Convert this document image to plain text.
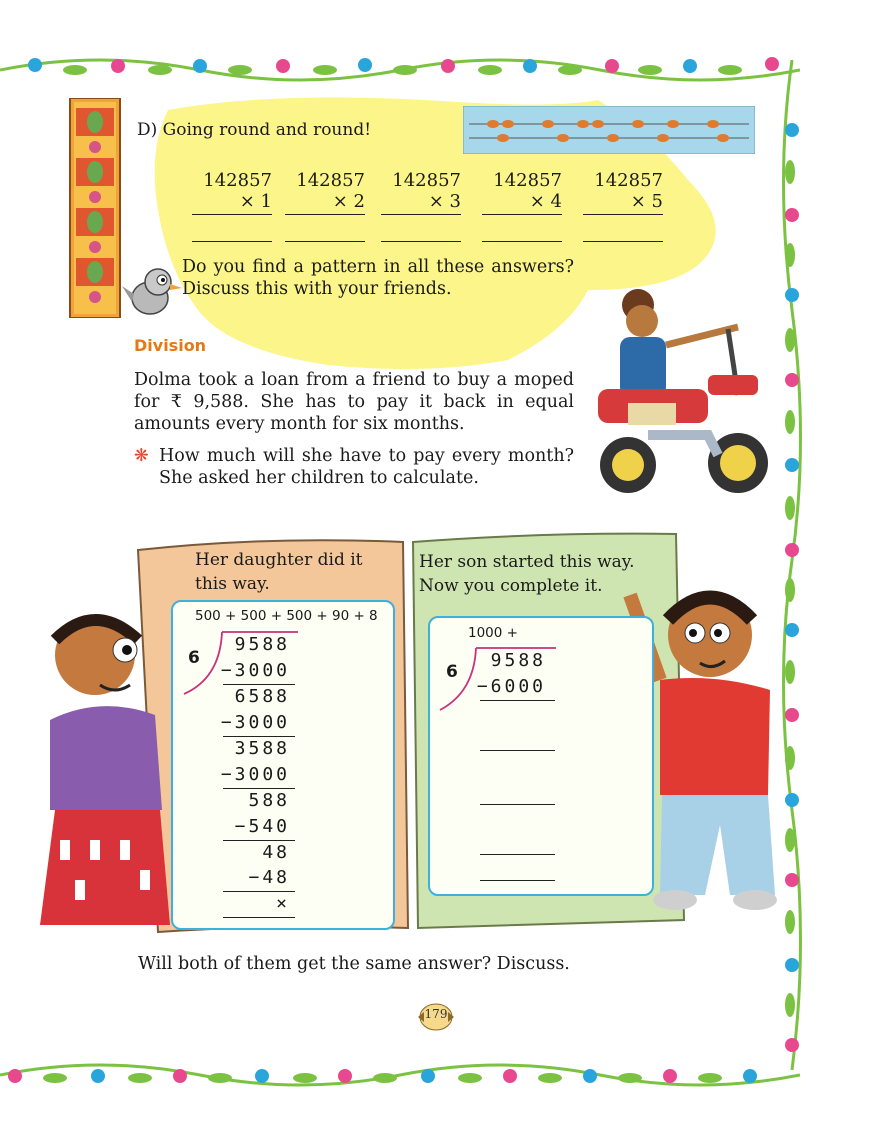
D) Going round and round!
142857
× 1
142857
× 2
142857
× 3
142857
× 4
142857
× 5
Do you find a pattern in all these answers? Discuss this with your friends.
Division
Dolma took a loan from a friend to buy a moped for ₹ 9,588. She has to pay it back in equal amounts every month for six months.
❋ How much will she have to pay every month? She asked her children to calculate.
Her daughter did it this way.
Her son started this way. Now you complete it.
500 + 500 + 500 + 90 + 8
6
9588
−3000
6588
−3000
3588
−3000
588
−540
48
−48
×
1000 +
6
9588
−6000
Will both of them get the same answer? Discuss.
179
